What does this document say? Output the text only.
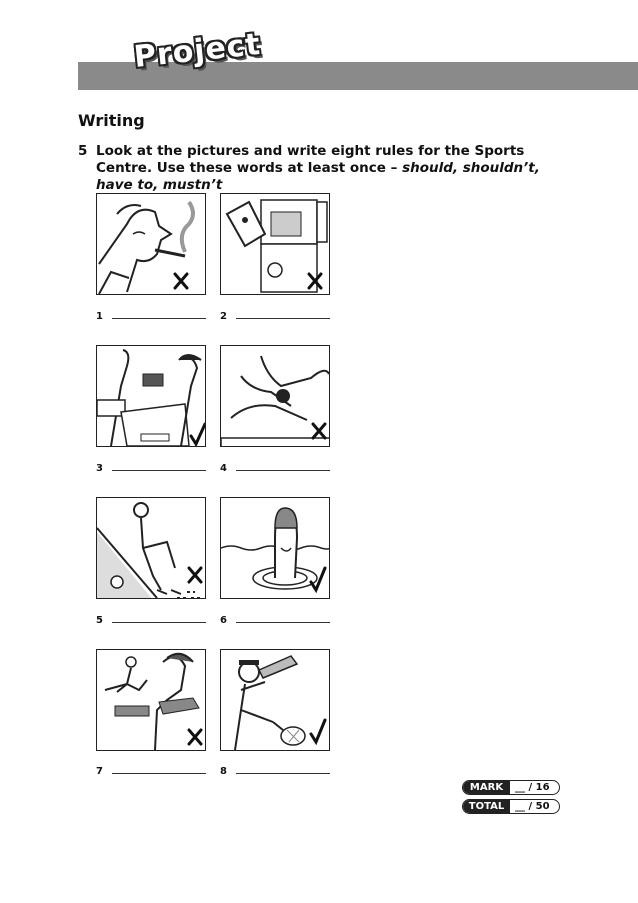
Project
Writing
5 Look at the pictures and write eight rules for the Sports Centre. Use these words at least once – should, shouldn’t, have to, mustn’t
1	2
3	4
5	6
7	8
MARK	__ / 16
TOTAL	__ / 50
